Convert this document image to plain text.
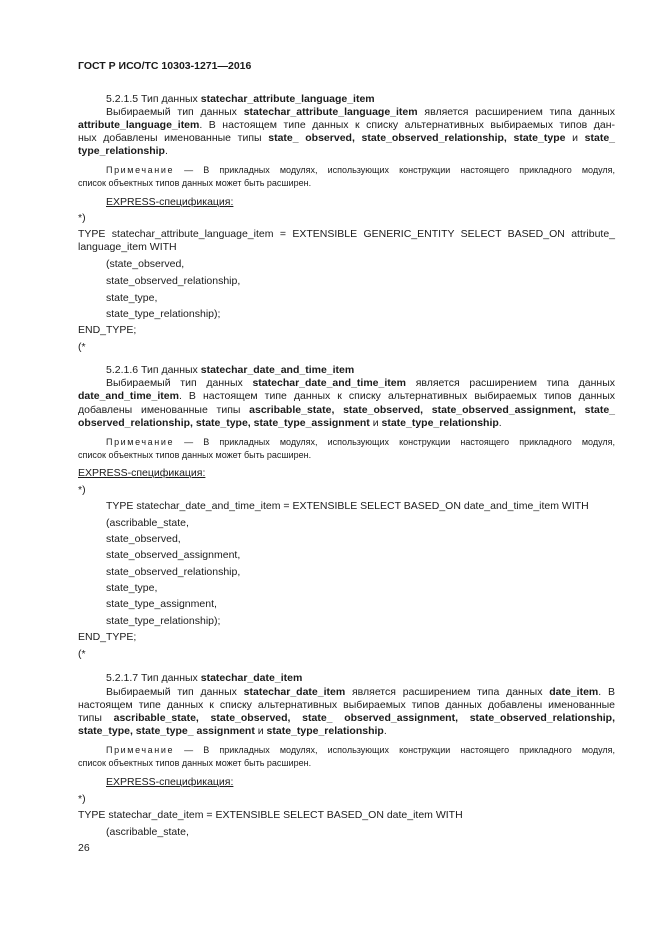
ГОСТ Р ИСО/ТС 10303-1271—2016
5.2.1.5 Тип данных statechar_attribute_language_item
Выбираемый тип данных statechar_attribute_language_item является расширением типа данных
attribute_language_item. В настоящем типе данных к списку альтернативных выбираемых типов дан-
ных добавлены именованные типы state_ observed, state_observed_relationship, state_type и state_
type_relationship.
Примечание — В прикладных модулях, использующих конструкции настоящего прикладного модуля,
список объектных типов данных может быть расширен.
EXPRESS-спецификация:
*)
TYPE statechar_attribute_language_item = EXTENSIBLE GENERIC_ENTITY SELECT BASED_ON attribute_
language_item WITH
(state_observed,
state_observed_relationship,
state_type,
state_type_relationship);
END_TYPE;
(*
5.2.1.6 Тип данных statechar_date_and_time_item
Выбираемый тип данных statechar_date_and_time_item является расширением типа данных
date_and_time_item. В настоящем типе данных к списку альтернативных выбираемых типов данных
добавлены именованные типы ascribable_state, state_observed, state_observed_assignment, state_
observed_relationship, state_type, state_type_assignment и state_type_relationship.
Примечание — В прикладных модулях, использующих конструкции настоящего прикладного модуля,
список объектных типов данных может быть расширен.
EXPRESS-спецификация:
*)
TYPE statechar_date_and_time_item = EXTENSIBLE SELECT BASED_ON date_and_time_item WITH
(ascribable_state,
state_observed,
state_observed_assignment,
state_observed_relationship,
state_type,
state_type_assignment,
state_type_relationship);
END_TYPE;
(*
5.2.1.7 Тип данных statechar_date_item
Выбираемый тип данных statechar_date_item является расширением типа данных date_item. В
настоящем типе данных к списку альтернативных выбираемых типов данных добавлены именованные
типы ascribable_state, state_observed, state_ observed_assignment, state_observed_relationship,
state_type, state_type_ assignment и state_type_relationship.
Примечание — В прикладных модулях, использующих конструкции настоящего прикладного модуля,
список объектных типов данных может быть расширен.
EXPRESS-спецификация:
*)
TYPE statechar_date_item = EXTENSIBLE SELECT BASED_ON date_item WITH
(ascribable_state,
26
